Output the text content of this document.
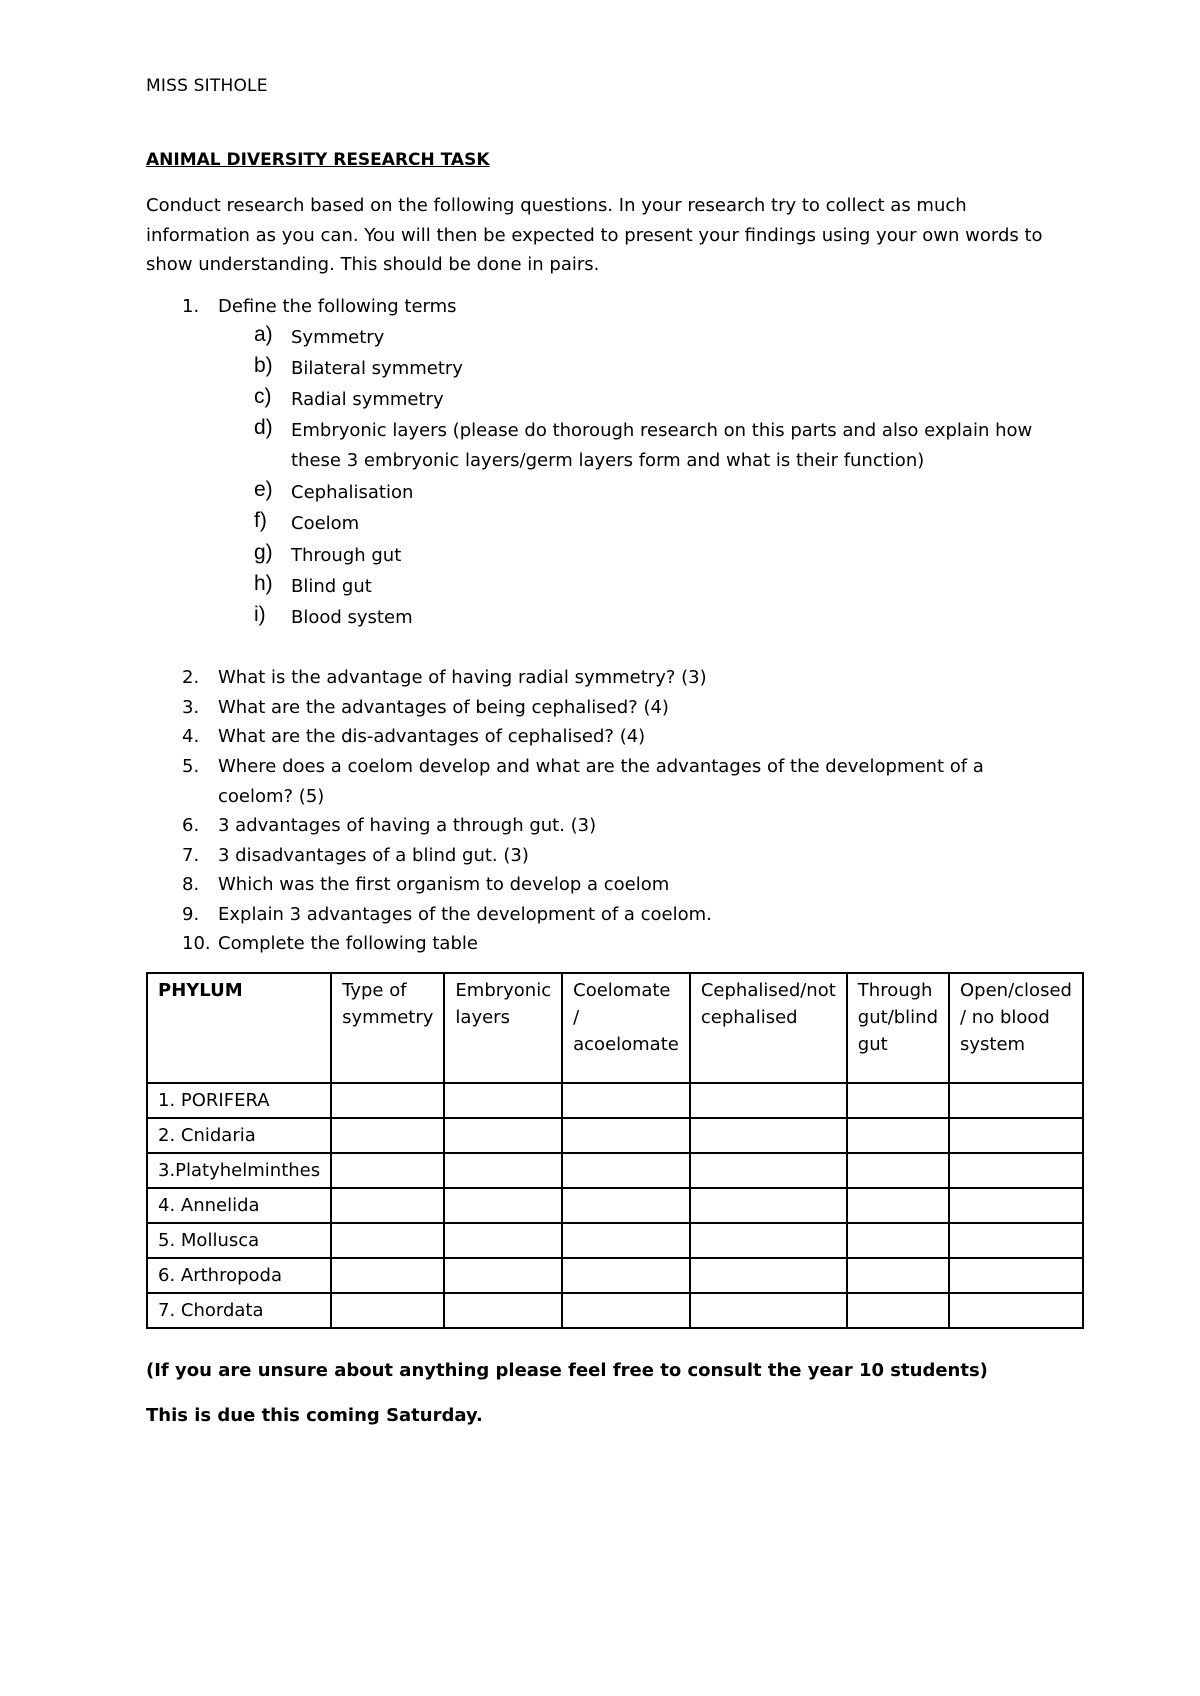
MISS SITHOLE
ANIMAL DIVERSITY RESEARCH TASK
Conduct research based on the following questions. In your research try to collect as much information as you can. You will then be expected to present your findings using your own words to show understanding. This should be done in pairs.
1. Define the following terms
a) Symmetry
b) Bilateral symmetry
c) Radial symmetry
d) Embryonic layers (please do thorough research on this parts and also explain how
these 3 embryonic layers/germ layers form and what is their function)
e) Cephalisation
f) Coelom
g) Through gut
h) Blind gut
i) Blood system
2. What is the advantage of having radial symmetry? (3)
3. What are the advantages of being cephalised? (4)
4. What are the dis-advantages of cephalised? (4)
5. Where does a coelom develop and what are the advantages of the development of a
coelom? (5)
6. 3 advantages of having a through gut. (3)
7. 3 disadvantages of a blind gut. (3)
8. Which was the first organism to develop a coelom
9. Explain 3 advantages of the development of a coelom.
10. Complete the following table
PHYLUM	Type of symmetry	Embryonic layers	Coelomate / acoelomate	Cephalised/not cephalised	Through gut/blind gut	Open/closed / no blood system
1. PORIFERA						
2. Cnidaria						
3.Platyhelminthes						
4. Annelida						
5. Mollusca						
6. Arthropoda						
7. Chordata						
(If you are unsure about anything please feel free to consult the year 10 students)
This is due this coming Saturday.
